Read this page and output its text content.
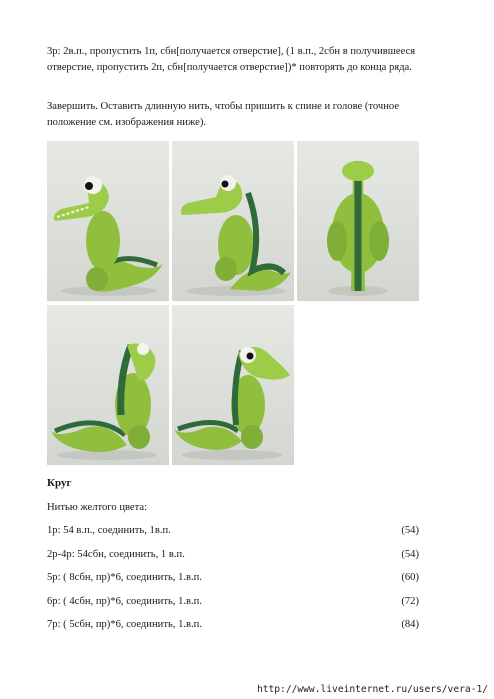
3р: 2в.п., пропустить 1п, сбн[получается отверстие], (1 в.п., 2сбн в получившееся отверстие, пропустить 2п, сбн[получается отверстие])* повторять до конца ряда.

Завершить. Оставить длинную нить, чтобы пришить к спине и голове (точное положение см. изображения ниже).

Круг

Нитью желтого цвета:

1р: 54 в.п., соединить, 1в.п.	(54)
2р-4р: 54сбн, соединить, 1 в.п.	(54)
5р: ( 8сбн, пр)*6, соединить, 1.в.п.	(60)
6р: ( 4сбн, пр)*6, соединить, 1.в.п.	(72)
7р: ( 5сбн, пр)*6, соединить, 1.в.п.	(84)
http://www.liveinternet.ru/users/vera-1/
